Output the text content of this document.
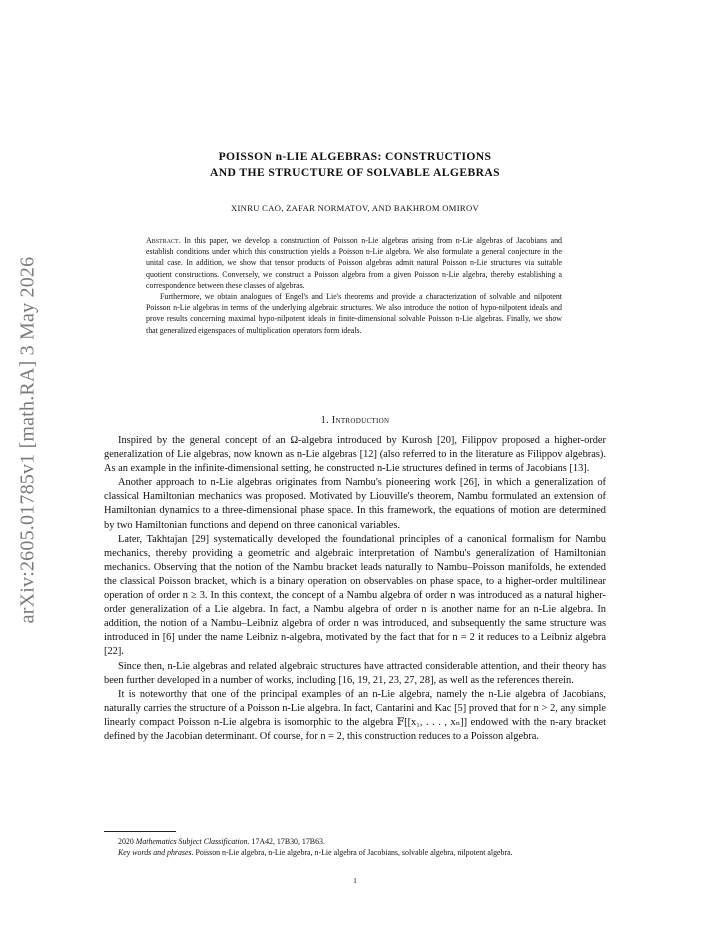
arXiv:2605.01785v1 [math.RA] 3 May 2026
POISSON n-LIE ALGEBRAS: CONSTRUCTIONS
AND THE STRUCTURE OF SOLVABLE ALGEBRAS
XINRU CAO, ZAFAR NORMATOV, AND BAKHROM OMIROV

Abstract. In this paper, we develop a construction of Poisson n-Lie algebras arising from n-Lie algebras of Jacobians and establish conditions under which this construction yields a Poisson n-Lie algebra. We also formulate a general conjecture in the unital case. In addition, we show that tensor products of Poisson algebras admit natural Poisson n-Lie structures via suitable quotient constructions. Conversely, we construct a Poisson algebra from a given Poisson n-Lie algebra, thereby establishing a correspondence between these classes of algebras.

Furthermore, we obtain analogues of Engel's and Lie's theorems and provide a characterization of solvable and nilpotent Poisson n-Lie algebras in terms of the underlying algebraic structures. We also introduce the notion of hypo-nilpotent ideals and prove results concerning maximal hypo-nilpotent ideals in finite-dimensional solvable Poisson n-Lie algebras. Finally, we show that generalized eigenspaces of multiplication operators form ideals.

1. Introduction

Inspired by the general concept of an Ω-algebra introduced by Kurosh [20], Filippov proposed a higher-order generalization of Lie algebras, now known as n-Lie algebras [12] (also referred to in the literature as Filippov algebras). As an example in the infinite-dimensional setting, he constructed n-Lie structures defined in terms of Jacobians [13].

Another approach to n-Lie algebras originates from Nambu's pioneering work [26], in which a generalization of classical Hamiltonian mechanics was proposed. Motivated by Liouville's theorem, Nambu formulated an extension of Hamiltonian dynamics to a three-dimensional phase space. In this framework, the equations of motion are determined by two Hamiltonian functions and depend on three canonical variables.

Later, Takhtajan [29] systematically developed the foundational principles of a canonical formalism for Nambu mechanics, thereby providing a geometric and algebraic interpretation of Nambu's generalization of Hamiltonian mechanics. Observing that the notion of the Nambu bracket leads naturally to Nambu–Poisson manifolds, he extended the classical Poisson bracket, which is a binary operation on observables on phase space, to a higher-order multilinear operation of order n ≥ 3. In this context, the concept of a Nambu algebra of order n was introduced as a natural higher-order generalization of a Lie algebra. In fact, a Nambu algebra of order n is another name for an n-Lie algebra. In addition, the notion of a Nambu–Leibniz algebra of order n was introduced, and subsequently the same structure was introduced in [6] under the name Leibniz n-algebra, motivated by the fact that for n = 2 it reduces to a Leibniz algebra [22].

Since then, n-Lie algebras and related algebraic structures have attracted considerable attention, and their theory has been further developed in a number of works, including [16, 19, 21, 23, 27, 28], as well as the references therein.

It is noteworthy that one of the principal examples of an n-Lie algebra, namely the n-Lie algebra of Jacobians, naturally carries the structure of a Poisson n-Lie algebra. In fact, Cantarini and Kac [5] proved that for n > 2, any simple linearly compact Poisson n-Lie algebra is isomorphic to the algebra 𝔽[[x₁, . . . , xₙ]] endowed with the n-ary bracket defined by the Jacobian determinant. Of course, for n = 2, this construction reduces to a Poisson algebra.

2020 Mathematics Subject Classification. 17A42, 17B30, 17B63.

Key words and phrases. Poisson n-Lie algebra, n-Lie algebra, n-Lie algebra of Jacobians, solvable algebra, nilpotent algebra.

1
